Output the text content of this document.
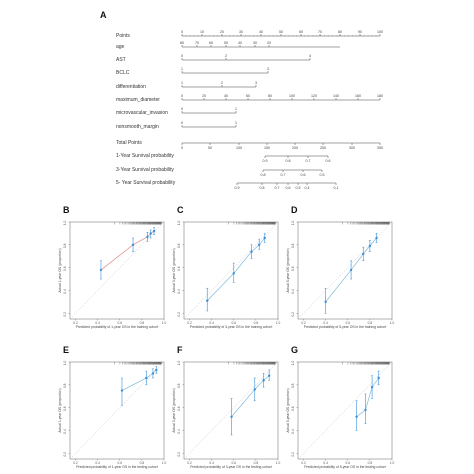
A
B	C	D
E	F	G
Points
0	10	20	30	40	50	60	70	80	90	100
age
80	70	60	50	40	30	20
AST
0	2	4
BCLC
1	3
differentiation
1	2	3
maximum_diameter
0	20	40	60	80	100	120	140	160	180
microvascular_invasion
0	1
nonsmooth_margin
0	1
Total Points
0	50	100	150	200	250	300	350
1-Year Survival probability
0.9	0.8	0.7	0.6
3-Year Survival probability
0.8	0.7	0.6	0.5
5- Year Survival probability
0.9	0.8	0.7 0.6 0.5 0.4	0.1
0.2	0.4	0.6	0.8	1.0
0.2
0.4
0.6
0.8
1.0
Predicted probability of 1-year OS in the training cohort
Actual 1-year OS (proportion)
0.2	0.4	0.6	0.8	1.0
0.2
0.4
0.6
0.8
1.0
Predicted probability of 3-year OS in the training cohort
Actual 3-year OS (proportion)
0.2	0.4	0.6	0.8	1.0
0.2
0.4
0.6
0.8
1.0
Predicted probability of 5-year OS in the training cohort
Actual 5-year OS (proportion)
0.2	0.4	0.6	0.8	1.0
0.2
0.4
0.6
0.8
1.0
Predicted probability of 1-year OS in the testing cohort
Actual 1-year OS (proportion)
0.2	0.4	0.6	0.8	1.0
0.2
0.4
0.6
0.8
1.0
Predicted probability of 3-year OS in the testing cohort
Actual 3-year OS (proportion)
0.2	0.4	0.6	0.8	1.0
0.2
0.4
0.6
0.8
1.0
Predicted probability of 5-year OS in the testing cohort
Actual 5-year OS (proportion)
